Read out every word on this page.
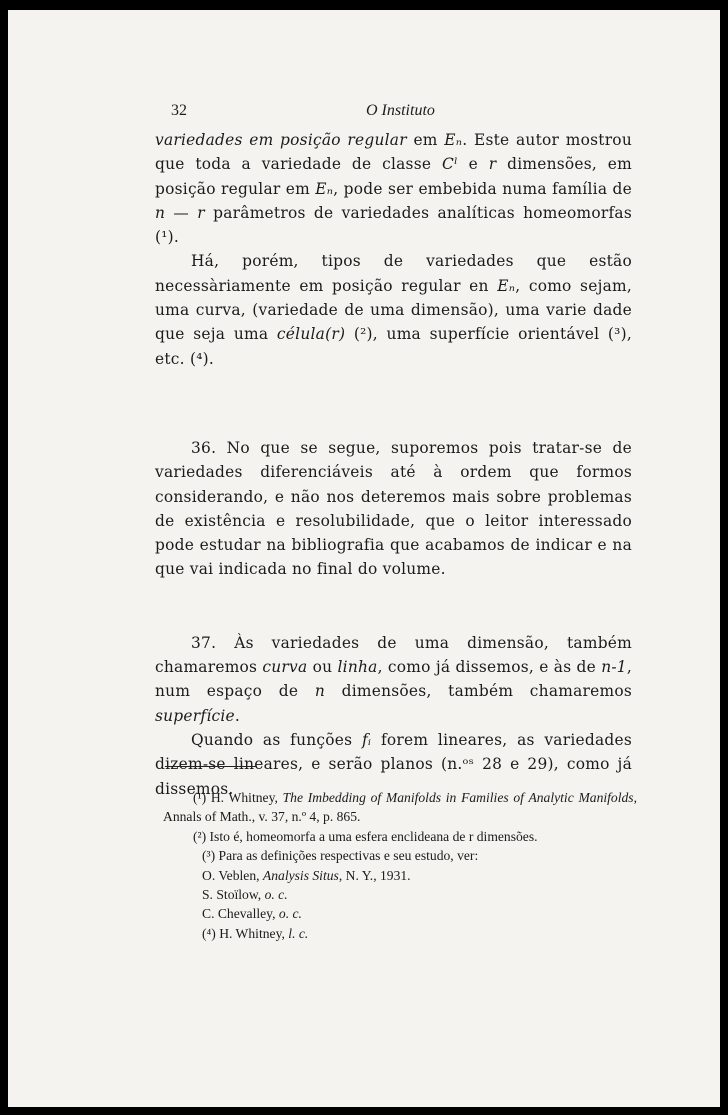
32	O Instituto

variedades em posição regular em Eₙ. Este autor mostrou que toda a variedade de classe Cˡ e r dimensões, em posição regular em Eₙ, pode ser embebida numa família de n — r parâmetros de variedades analíticas homeomorfas (¹).

Há, porém, tipos de variedades que estão necessàriamente em posição regular en Eₙ, como sejam, uma curva, (variedade de uma dimensão), uma varie dade que seja uma célula(r) (²), uma superfície orientável (³), etc. (⁴).

36. No que se segue, suporemos pois tratar-se de variedades diferenciáveis até à ordem que formos considerando, e não nos deteremos mais sobre problemas de existência e resolubilidade, que o leitor interessado pode estudar na bibliografia que acabamos de indicar e na que vai indicada no final do volume.

37. Às variedades de uma dimensão, também chamaremos curva ou linha, como já dissemos, e às de n-1, num espaço de n dimensões, também chamaremos superfície.

Quando as funções fᵢ forem lineares, as variedades dizem-se lineares, e serão planos (n.ᵒˢ 28 e 29), como já dissemos.

(¹) H. Whitney, The Imbedding of Manifolds in Families of Analytic Manifolds, Annals of Math., v. 37, n.º 4, p. 865.

(²) Isto é, homeomorfa a uma esfera enclideana de r dimensões.

(³) Para as definições respectivas e seu estudo, ver:

O. Veblen, Analysis Situs, N. Y., 1931.

S. Stoïlow, o. c.

C. Chevalley, o. c.

(⁴) H. Whitney, l. c.
